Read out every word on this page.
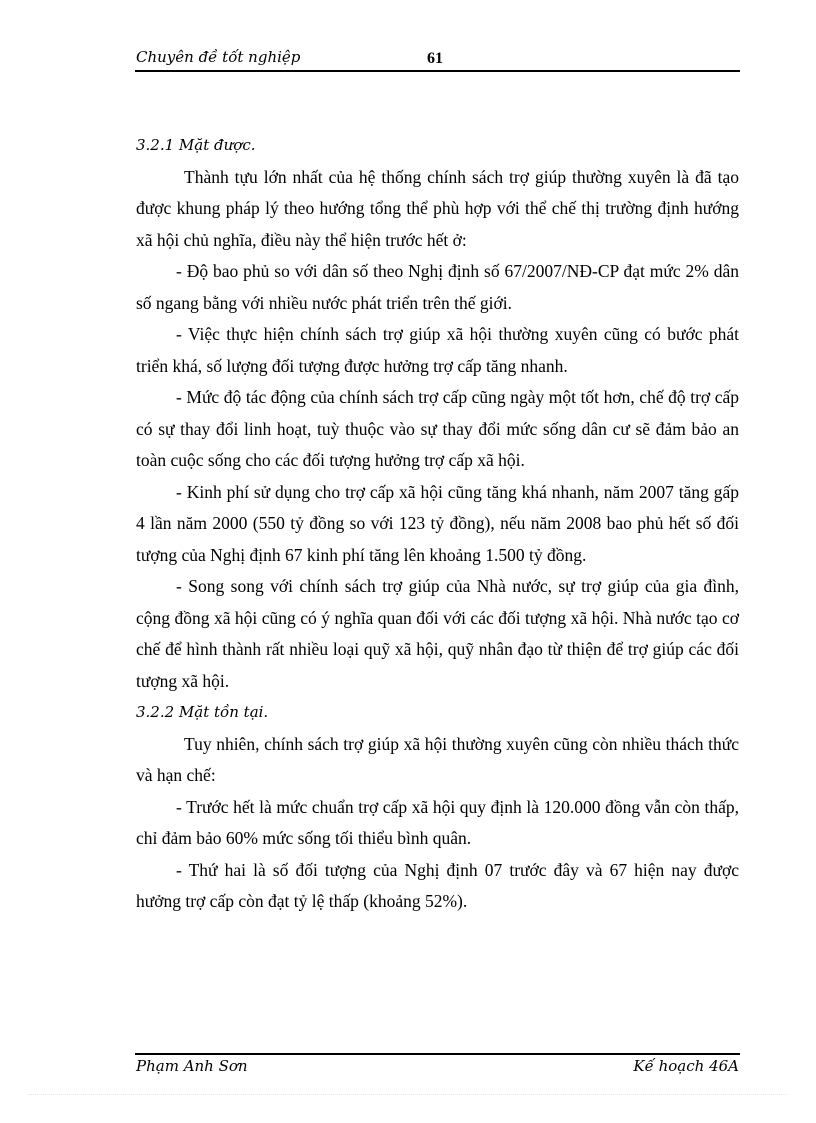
Chuyên đề tốt nghiệp	61

3.2.1 Mặt được.

Thành tựu lớn nhất của hệ thống chính sách trợ giúp thường xuyên là đã tạo được khung pháp lý theo hướng tổng thể phù hợp với thể chế thị trường định hướng xã hội chủ nghĩa, điều này thể hiện trước hết ở:

- Độ bao phủ so với dân số theo Nghị định số 67/2007/NĐ-CP đạt mức 2% dân số ngang bằng với nhiều nước phát triển trên thế giới.

- Việc thực hiện chính sách trợ giúp xã hội thường xuyên cũng có bước phát triển khá, số lượng đối tượng được hưởng trợ cấp tăng nhanh.

- Mức độ tác động của chính sách trợ cấp cũng ngày một tốt hơn, chế độ trợ cấp có sự thay đổi linh hoạt, tuỳ thuộc vào sự thay đổi mức sống dân cư sẽ đảm bảo an toàn cuộc sống cho các đối tượng hưởng trợ cấp xã hội.

- Kinh phí sử dụng cho trợ cấp xã hội cũng tăng khá nhanh, năm 2007 tăng gấp 4 lần năm 2000 (550 tỷ đồng so với 123 tỷ đồng), nếu năm 2008 bao phủ hết số đối tượng của Nghị định 67 kinh phí tăng lên khoảng 1.500 tỷ đồng.

- Song song với chính sách trợ giúp của Nhà nước, sự trợ giúp của gia đình, cộng đồng xã hội cũng có ý nghĩa quan đối với các đối tượng xã hội. Nhà nước tạo cơ chế để hình thành rất nhiều loại quỹ xã hội, quỹ nhân đạo từ thiện để trợ giúp các đối tượng xã hội.

3.2.2 Mặt tồn tại.

Tuy nhiên, chính sách trợ giúp xã hội thường xuyên cũng còn nhiều thách thức và hạn chế:

- Trước hết là mức chuẩn trợ cấp xã hội quy định là 120.000 đồng vẫn còn thấp, chỉ đảm bảo 60% mức sống tối thiểu bình quân.

- Thứ hai là số đối tượng của Nghị định 07 trước đây và 67 hiện nay được hưởng trợ cấp còn đạt tỷ lệ thấp (khoảng 52%).

Phạm Anh Sơn	Kế hoạch 46A
